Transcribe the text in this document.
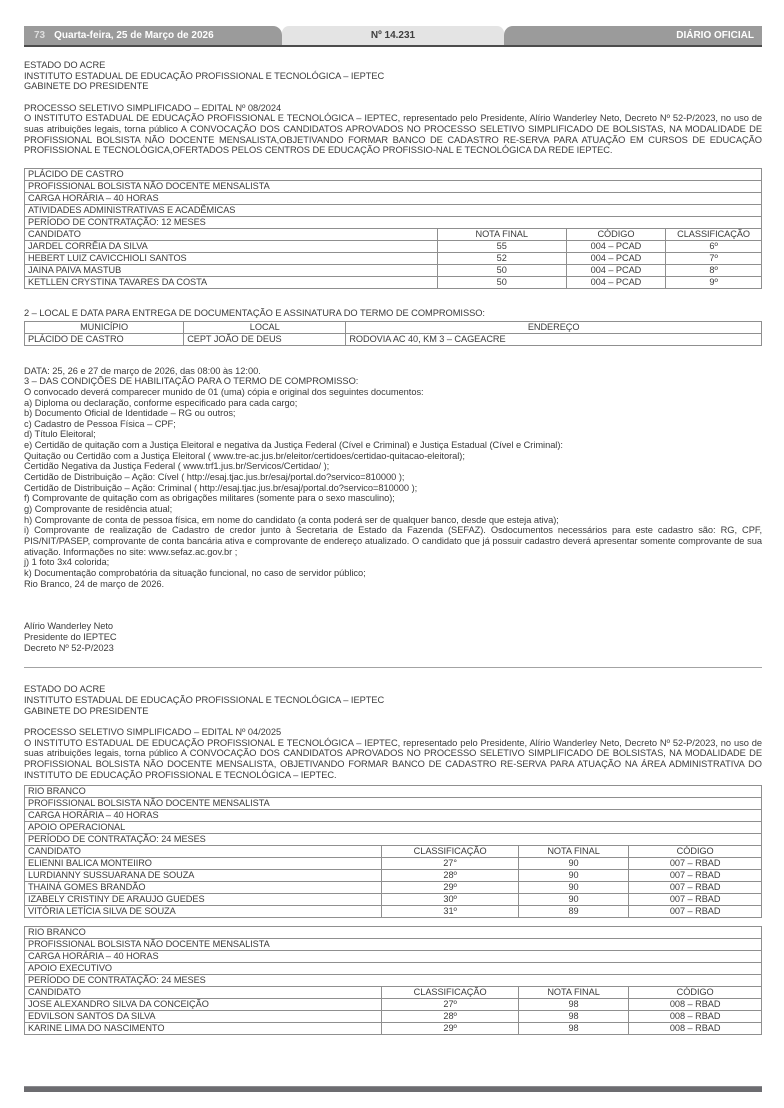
73 Quarta-feira, 25 de Março de 2026	Nº 14.231	DIÁRIO OFICIAL
ESTADO DO ACRE
INSTITUTO ESTADUAL DE EDUCAÇÃO PROFISSIONAL E TECNOLÓGICA – IEPTEC
GABINETE DO PRESIDENTE
PROCESSO SELETIVO SIMPLIFICADO – EDITAL Nº 08/2024

O INSTITUTO ESTADUAL DE EDUCAÇÃO PROFISSIONAL E TECNOLÓGICA – IEPTEC, representado pelo Presidente, Alírio Wanderley Neto, Decreto Nº 52-P/2023, no uso de suas atribuições legais, torna público A CONVOCAÇÃO DOS CANDIDATOS APROVADOS NO PROCESSO SELETIVO SIMPLIFICADO DE BOLSISTAS, NA MODALIDADE DE PROFISSIONAL BOLSISTA NÃO DOCENTE MENSALISTA,OBJETIVANDO FORMAR BANCO DE CADASTRO RE-SERVA PARA ATUAÇÃO EM CURSOS DE EDUCAÇÃO PROFISSIONAL E TECNOLÓGICA,OFERTADOS PELOS CENTROS DE EDUCAÇÃO PROFISSIO-NAL E TECNOLÓGICA DA REDE IEPTEC.

PLÁCIDO DE CASTRO			
PROFISSIONAL BOLSISTA NÃO DOCENTE MENSALISTA			
CARGA HORÁRIA – 40 HORAS			
ATIVIDADES ADMINISTRATIVAS E ACADÊMICAS			
PERÍODO DE CONTRATAÇÃO: 12 MESES			
CANDIDATO	NOTA FINAL	CÓDIGO	CLASSIFICAÇÃO
JARDEL CORRÊIA DA SILVA	55	004 – PCAD	6º
HEBERT LUIZ CAVICCHIOLI SANTOS	52	004 – PCAD	7º
JAINA PAIVA MASTUB	50	004 – PCAD	8º
KETLLEN CRYSTINA TAVARES DA COSTA	50	004 – PCAD	9º
2 – LOCAL E DATA PARA ENTREGA DE DOCUMENTAÇÃO E ASSINATURA DO TERMO DE COMPROMISSO:
MUNICÍPIO	LOCAL	ENDEREÇO
PLÁCIDO DE CASTRO	CEPT JOÃO DE DEUS	RODOVIA AC 40, KM 3 – CAGEACRE
DATA: 25, 26 e 27 de março de 2026, das 08:00 às 12:00.
3 – DAS CONDIÇÕES DE HABILITAÇÃO PARA O TERMO DE COMPROMISSO:
O convocado deverá comparecer munido de 01 (uma) cópia e original dos seguintes documentos:
a) Diploma ou declaração, conforme especificado para cada cargo;
b) Documento Oficial de Identidade – RG ou outros;
c) Cadastro de Pessoa Física – CPF;
d) Título Eleitoral;
e) Certidão de quitação com a Justiça Eleitoral e negativa da Justiça Federal (Cível e Criminal) e Justiça Estadual (Cível e Criminal):
Quitação ou Certidão com a Justiça Eleitoral ( www.tre-ac.jus.br/eleitor/certidoes/certidao-quitacao-eleitoral);
Certidão Negativa da Justiça Federal ( www.trf1.jus.br/Servicos/Certidao/ );
Certidão de Distribuição – Ação: Cível ( http://esaj.tjac.jus.br/esaj/portal.do?servico=810000 );
Certidão de Distribuição – Ação: Criminal ( http://esaj.tjac.jus.br/esaj/portal.do?servico=810000 );
f) Comprovante de quitação com as obrigações militares (somente para o sexo masculino);
g) Comprovante de residência atual;
h) Comprovante de conta de pessoa física, em nome do candidato (a conta poderá ser de qualquer banco, desde que esteja ativa);
i) Comprovante de realização de Cadastro de credor junto à Secretaria de Estado da Fazenda (SEFAZ). Osdocumentos necessários para este cadastro são: RG, CPF, PIS/NIT/PASEP, comprovante de conta bancária ativa e comprovante de endereço atualizado. O candidato que já possuir cadastro deverá apresentar somente comprovante de sua ativação. Informações no site: www.sefaz.ac.gov.br ;
j) 1 foto 3x4 colorida;
k) Documentação comprobatória da situação funcional, no caso de servidor público;
Rio Branco, 24 de março de 2026.
Alírio Wanderley Neto
Presidente do IEPTEC
Decreto Nº 52-P/2023
ESTADO DO ACRE
INSTITUTO ESTADUAL DE EDUCAÇÃO PROFISSIONAL E TECNOLÓGICA – IEPTEC
GABINETE DO PRESIDENTE
PROCESSO SELETIVO SIMPLIFICADO – EDITAL Nº 04/2025

O INSTITUTO ESTADUAL DE EDUCAÇÃO PROFISSIONAL E TECNOLÓGICA – IEPTEC, representado pelo Presidente, Alírio Wanderley Neto, Decreto Nº 52-P/2023, no uso de suas atribuições legais, torna público A CONVOCAÇÃO DOS CANDIDATOS APROVADOS NO PROCESSO SELETIVO SIMPLIFICADO DE BOLSISTAS, NA MODALIDADE DE PROFISSIONAL BOLSISTA NÃO DOCENTE MENSALISTA, OBJETIVANDO FORMAR BANCO DE CADASTRO RE-SERVA PARA ATUAÇÃO NA ÁREA ADMINISTRATIVA DO INSTITUTO DE EDUCAÇÃO PROFISSIONAL E TECNOLÓGICA – IEPTEC.

RIO BRANCO			
PROFISSIONAL BOLSISTA NÃO DOCENTE MENSALISTA			
CARGA HORÁRIA – 40 HORAS			
APOIO OPERACIONAL			
PERÍODO DE CONTRATAÇÃO: 24 MESES			
CANDIDATO	CLASSIFICAÇÃO	NOTA FINAL	CÓDIGO
ELIENNI BALICA MONTEIIRO	27°	90	007 – RBAD
LURDIANNY SUSSUARANA DE SOUZA	28º	90	007 – RBAD
THAINÁ GOMES BRANDÃO	29º	90	007 – RBAD
IZABELY CRISTINY DE ARAUJO GUEDES	30º	90	007 – RBAD
VITÓRIA LETÍCIA SILVA DE SOUZA	31º	89	007 – RBAD
RIO BRANCO			
PROFISSIONAL BOLSISTA NÃO DOCENTE MENSALISTA			
CARGA HORÁRIA – 40 HORAS			
APOIO EXECUTIVO			
PERÍODO DE CONTRATAÇÃO: 24 MESES			
CANDIDATO	CLASSIFICAÇÃO	NOTA FINAL	CÓDIGO
JOSE ALEXANDRO SILVA DA CONCEIÇÃO	27º	98	008 – RBAD
EDVILSON SANTOS DA SILVA	28º	98	008 – RBAD
KARINE LIMA DO NASCIMENTO	29º	98	008 – RBAD
